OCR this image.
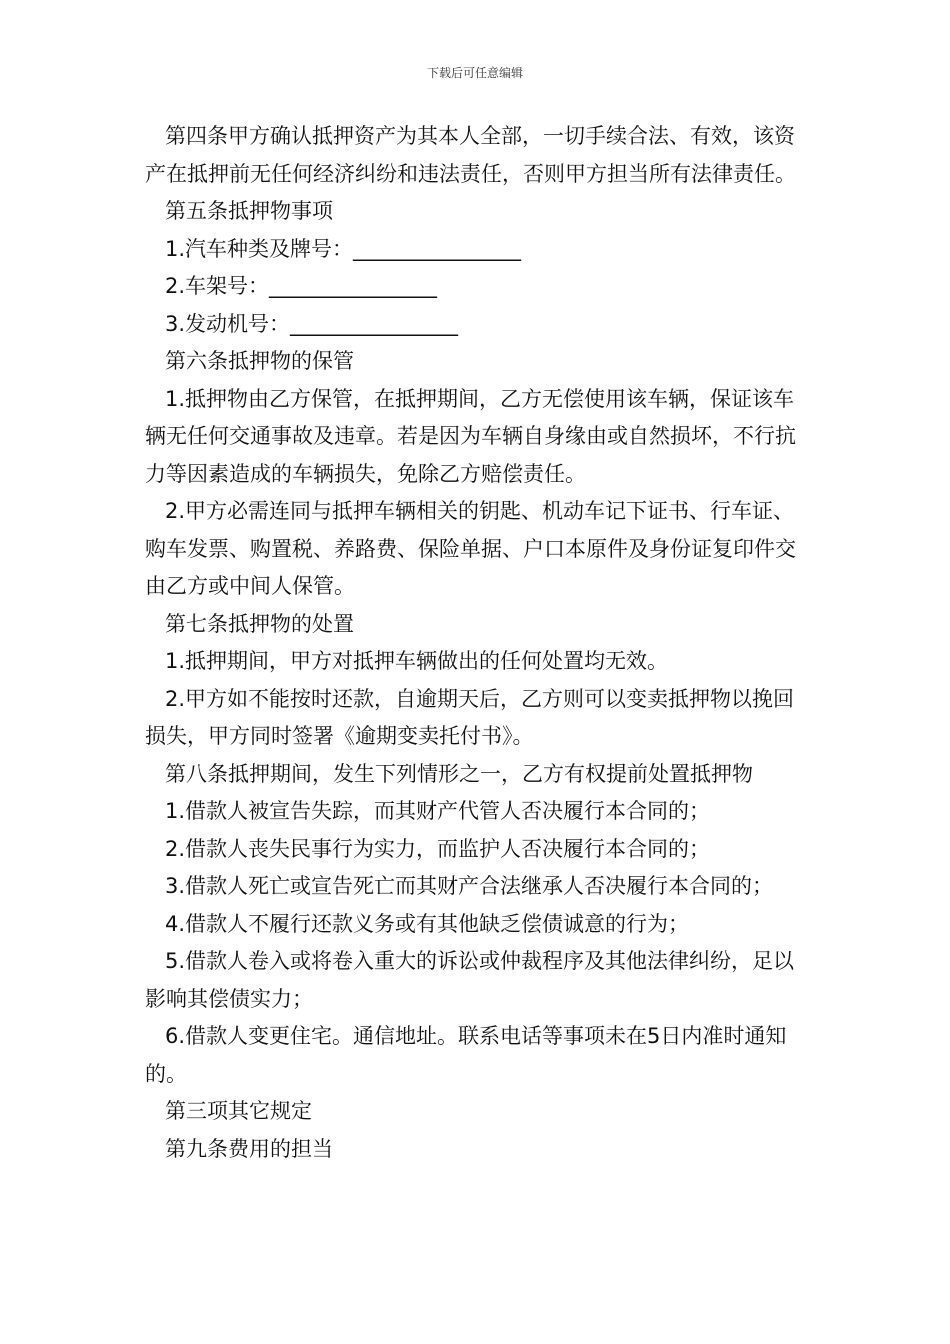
下载后可任意编辑

第四条甲方确认抵押资产为其本人全部，一切手续合法、有效，该资产在抵押前无任何经济纠纷和违法责任，否则甲方担当所有法律责任。

第五条抵押物事项

1.汽车种类及牌号：________________

2.车架号：________________

3.发动机号：________________

第六条抵押物的保管

1.抵押物由乙方保管，在抵押期间，乙方无偿使用该车辆，保证该车辆无任何交通事故及违章。若是因为车辆自身缘由或自然损坏，不行抗力等因素造成的车辆损失，免除乙方赔偿责任。

2.甲方必需连同与抵押车辆相关的钥匙、机动车记下证书、行车证、购车发票、购置税、养路费、保险单据、户口本原件及身份证复印件交由乙方或中间人保管。

第七条抵押物的处置

1.抵押期间，甲方对抵押车辆做出的任何处置均无效。

2.甲方如不能按时还款，自逾期天后，乙方则可以变卖抵押物以挽回损失，甲方同时签署《逾期变卖托付书》。

第八条抵押期间，发生下列情形之一，乙方有权提前处置抵押物

1.借款人被宣告失踪，而其财产代管人否决履行本合同的；

2.借款人丧失民事行为实力，而监护人否决履行本合同的；

3.借款人死亡或宣告死亡而其财产合法继承人否决履行本合同的；

4.借款人不履行还款义务或有其他缺乏偿债诚意的行为；

5.借款人卷入或将卷入重大的诉讼或仲裁程序及其他法律纠纷，足以影响其偿债实力；

6.借款人变更住宅。通信地址。联系电话等事项未在5日内准时通知的。

第三项其它规定

第九条费用的担当
